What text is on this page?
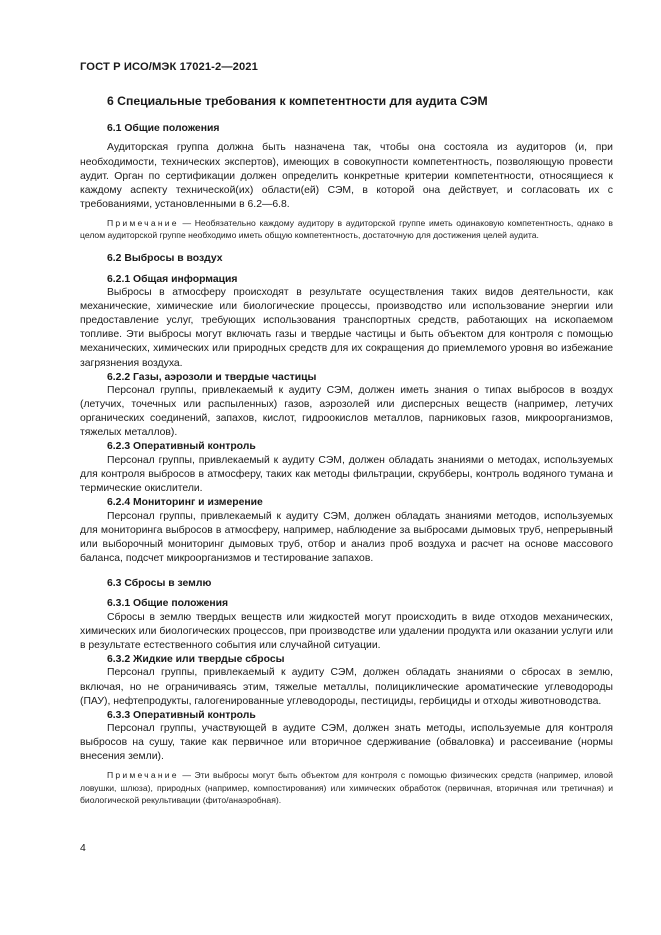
ГОСТ Р ИСО/МЭК 17021-2—2021
6 Специальные требования к компетентности для аудита СЭМ
6.1 Общие положения

Аудиторская группа должна быть назначена так, чтобы она состояла из аудиторов (и, при необходимости, технических экспертов), имеющих в совокупности компетентность, позволяющую провести аудит. Орган по сертификации должен определить конкретные критерии компетентности, относящиеся к каждому аспекту технической(их) области(ей) СЭМ, в которой она действует, и согласовать их с требованиями, установленными в 6.2—6.8.

Примечание — Необязательно каждому аудитору в аудиторской группе иметь одинаковую компетентность, однако в целом аудиторской группе необходимо иметь общую компетентность, достаточную для достижения целей аудита.

6.2 Выбросы в воздух
6.2.1 Общая информация

Выбросы в атмосферу происходят в результате осуществления таких видов деятельности, как механические, химические или биологические процессы, производство или использование энергии или предоставление услуг, требующих использования транспортных средств, работающих на ископаемом топливе. Эти выбросы могут включать газы и твердые частицы и быть объектом для контроля с помощью механических, химических или природных средств для их сокращения до приемлемого уровня во избежание загрязнения воздуха.

6.2.2 Газы, аэрозоли и твердые частицы

Персонал группы, привлекаемый к аудиту СЭМ, должен иметь знания о типах выбросов в воздух (летучих, точечных или распыленных) газов, аэрозолей или дисперсных веществ (например, летучих органических соединений, запахов, кислот, гидроокислов металлов, парниковых газов, микроорганизмов, тяжелых металлов).

6.2.3 Оперативный контроль

Персонал группы, привлекаемый к аудиту СЭМ, должен обладать знаниями о методах, используемых для контроля выбросов в атмосферу, таких как методы фильтрации, скрубберы, контроль водяного тумана и термические окислители.

6.2.4 Мониторинг и измерение

Персонал группы, привлекаемый к аудиту СЭМ, должен обладать знаниями методов, используемых для мониторинга выбросов в атмосферу, например, наблюдение за выбросами дымовых труб, непрерывный или выборочный мониторинг дымовых труб, отбор и анализ проб воздуха и расчет на основе массового баланса, подсчет микроорганизмов и тестирование запахов.

6.3 Сбросы в землю
6.3.1 Общие положения

Сбросы в землю твердых веществ или жидкостей могут происходить в виде отходов механических, химических или биологических процессов, при производстве или удалении продукта или оказании услуги или в результате естественного события или случайной ситуации.

6.3.2 Жидкие или твердые сбросы

Персонал группы, привлекаемый к аудиту СЭМ, должен обладать знаниями о сбросах в землю, включая, но не ограничиваясь этим, тяжелые металлы, полициклические ароматические углеводороды (ПАУ), нефтепродукты, галогенированные углеводороды, пестициды, гербициды и отходы животноводства.

6.3.3 Оперативный контроль

Персонал группы, участвующей в аудите СЭМ, должен знать методы, используемые для контроля выбросов на сушу, такие как первичное или вторичное сдерживание (обваловка) и рассеивание (нормы внесения земли).

Примечание — Эти выбросы могут быть объектом для контроля с помощью физических средств (например, иловой ловушки, шлюза), природных (например, компостирования) или химических обработок (первичная, вторичная или третичная) и биологической рекультивации (фито/анаэробная).

4
